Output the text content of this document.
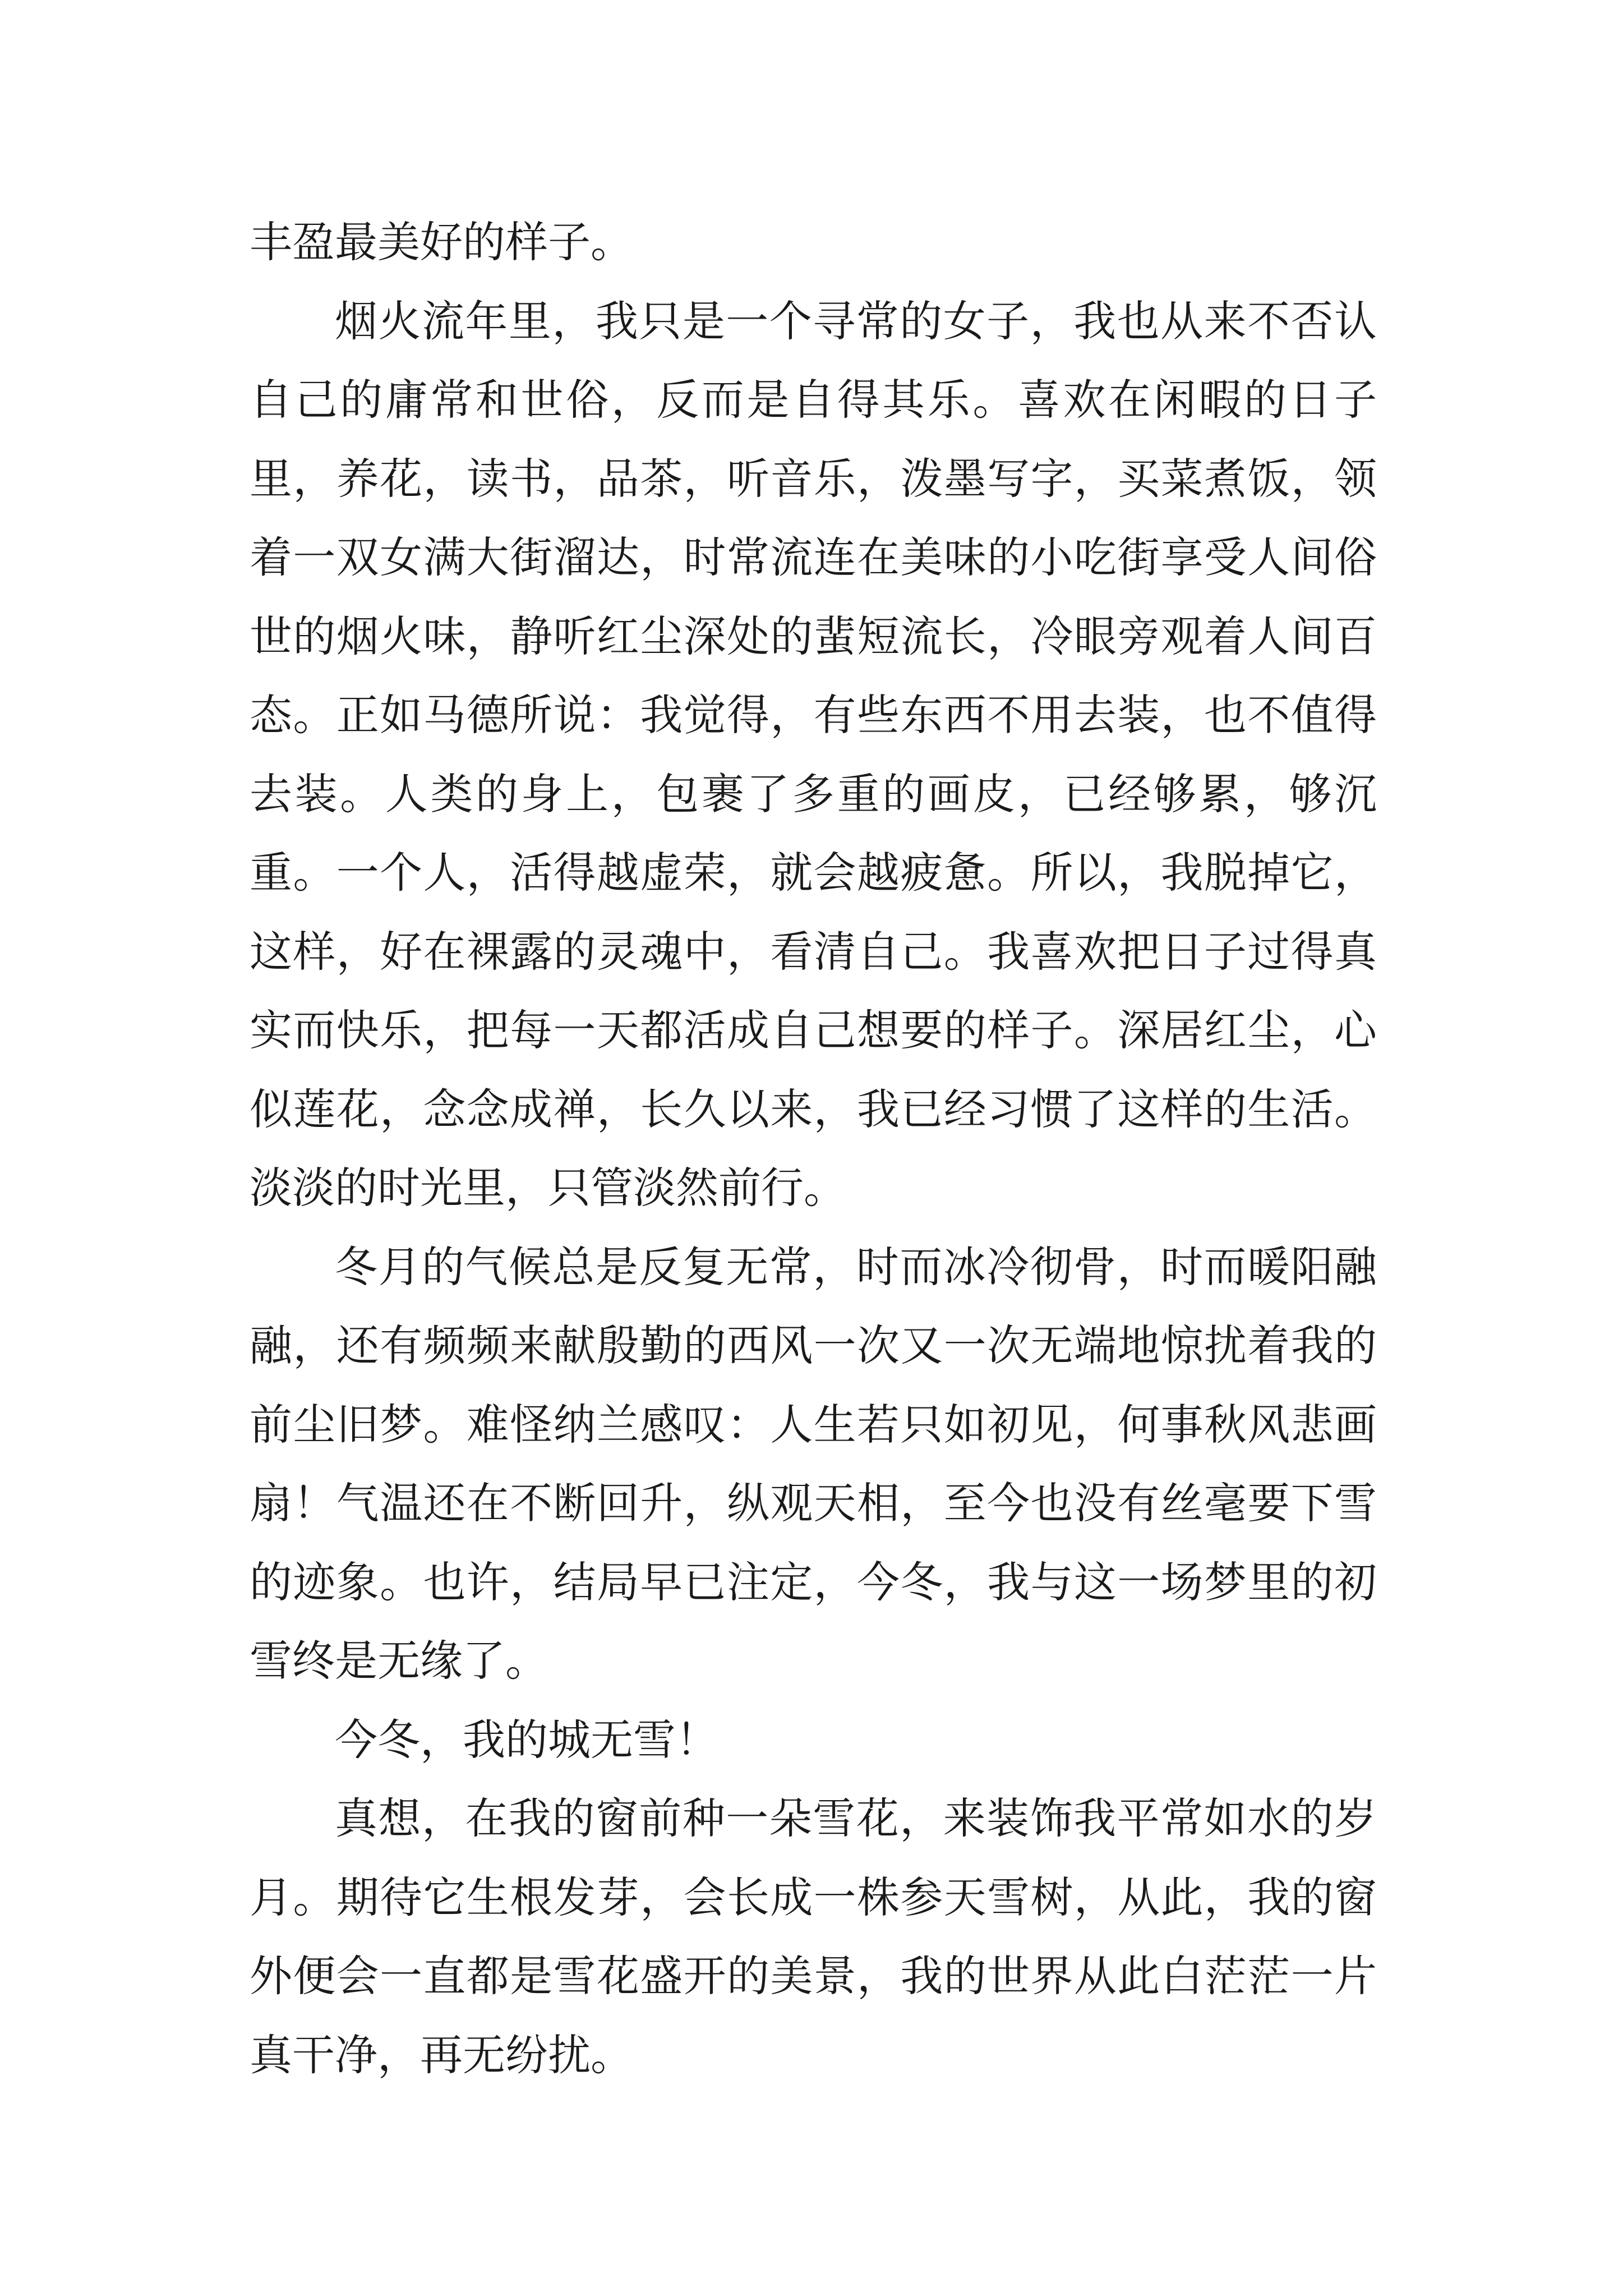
丰盈最美好的样子。

烟火流年里，我只是一个寻常的女子，我也从来不否认自己的庸常和世俗，反而是自得其乐。喜欢在闲暇的日子里，养花，读书，品茶，听音乐，泼墨写字，买菜煮饭，领着一双女满大街溜达，时常流连在美味的小吃街享受人间俗世的烟火味，静听红尘深处的蜚短流长，冷眼旁观着人间百态。正如马德所说：我觉得，有些东西不用去装，也不值得去装。人类的身上，包裹了多重的画皮，已经够累，够沉重。一个人，活得越虚荣，就会越疲惫。所以，我脱掉它，这样，好在裸露的灵魂中，看清自己。我喜欢把日子过得真实而快乐，把每一天都活成自己想要的样子。深居红尘，心似莲花，念念成禅，长久以来，我已经习惯了这样的生活。淡淡的时光里，只管淡然前行。

冬月的气候总是反复无常，时而冰冷彻骨，时而暖阳融融，还有频频来献殷勤的西风一次又一次无端地惊扰着我的前尘旧梦。难怪纳兰感叹：人生若只如初见，何事秋风悲画扇！气温还在不断回升，纵观天相，至今也没有丝毫要下雪的迹象。也许，结局早已注定，今冬，我与这一场梦里的初雪终是无缘了。

今冬，我的城无雪！

真想，在我的窗前种一朵雪花，来装饰我平常如水的岁月。期待它生根发芽，会长成一株参天雪树，从此，我的窗外便会一直都是雪花盛开的美景，我的世界从此白茫茫一片真干净，再无纷扰。
